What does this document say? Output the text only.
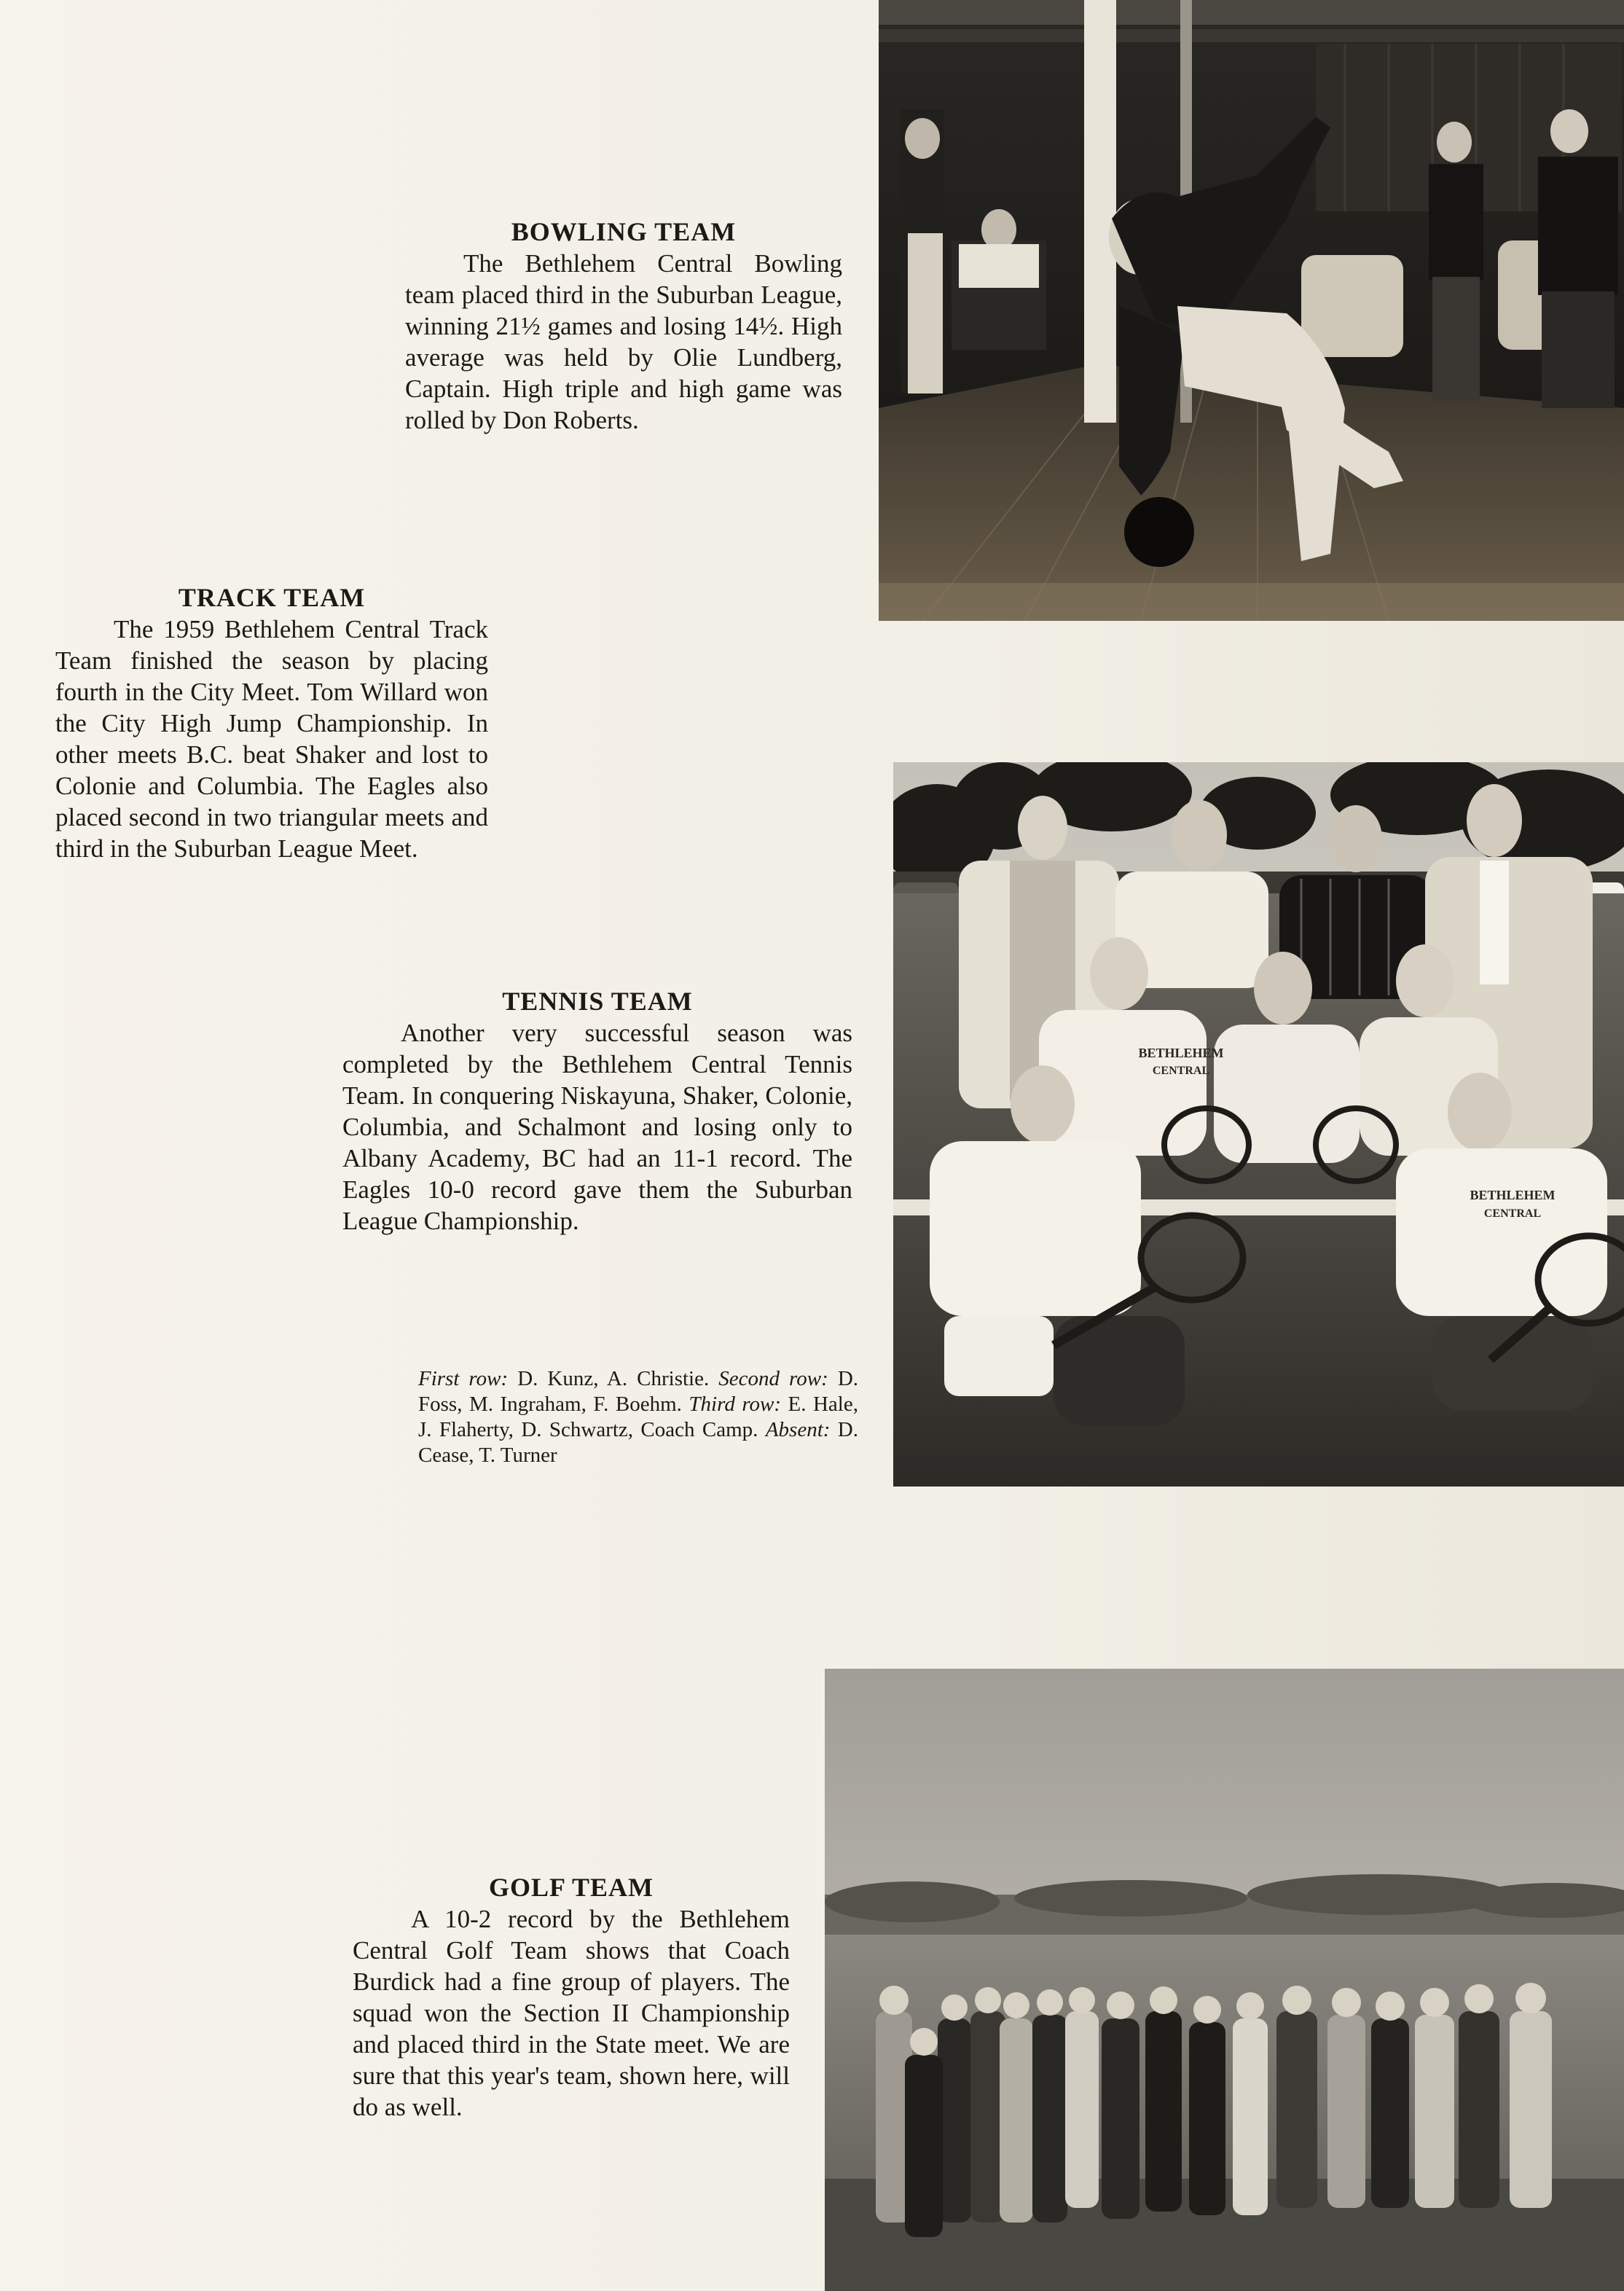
BOWLING TEAM
The Bethlehem Central Bowling team placed third in the Suburban League, winning 21½ games and losing 14½. High average was held by Olie Lundberg, Captain. High triple and high game was rolled by Don Roberts.
TRACK TEAM
The 1959 Bethlehem Central Track Team finished the season by placing fourth in the City Meet. Tom Willard won the City High Jump Championship. In other meets B.C. beat Shaker and lost to Colonie and Columbia. The Eagles also placed second in two triangular meets and third in the Suburban League Meet.
TENNIS TEAM
Another very successful season was completed by the Bethlehem Central Tennis Team. In conquering Niskayuna, Shaker, Colonie, Columbia, and Schalmont and losing only to Albany Academy, BC had an 11-1 record. The Eagles 10-0 record gave them the Suburban League Championship.
First row: D. Kunz, A. Christie. Second row: D. Foss, M. Ingraham, F. Boehm. Third row: E. Hale, J. Flaherty, D. Schwartz, Coach Camp. Absent: D. Cease, T. Turner
GOLF TEAM
A 10-2 record by the Bethlehem Central Golf Team shows that Coach Burdick had a fine group of players. The squad won the Section II Championship and placed third in the State meet. We are sure that this year's team, shown here, will do as well.
BETHLEHEM
CENTRAL
BETHLEHEM
CENTRAL
